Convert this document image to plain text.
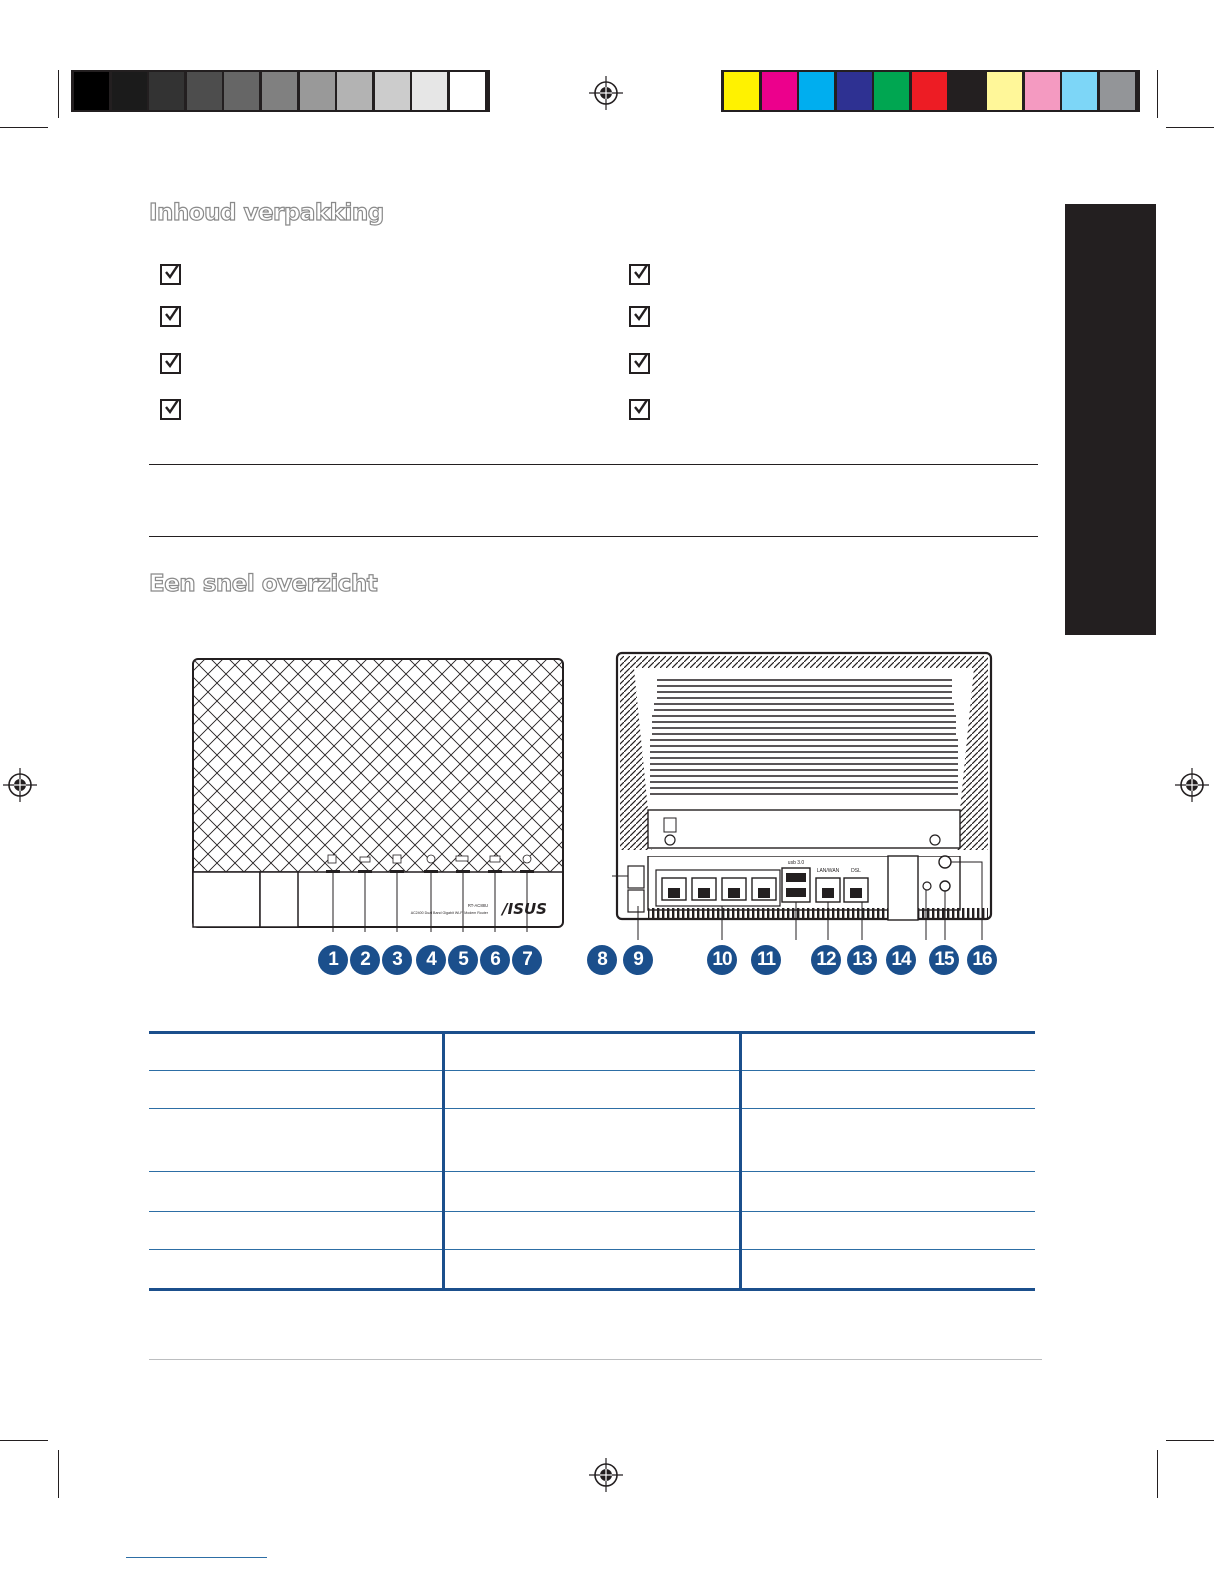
Inhoud verpakking
Een snel overzicht
RT-AC88U
AC2400 Dual Band Gigabit Wi-Fi Modem Router /ISUS
usb 3.0
LAN/WAN DSL
1	2	3	4	5	6	7	8	9	10	11	12 13 14 15 16
